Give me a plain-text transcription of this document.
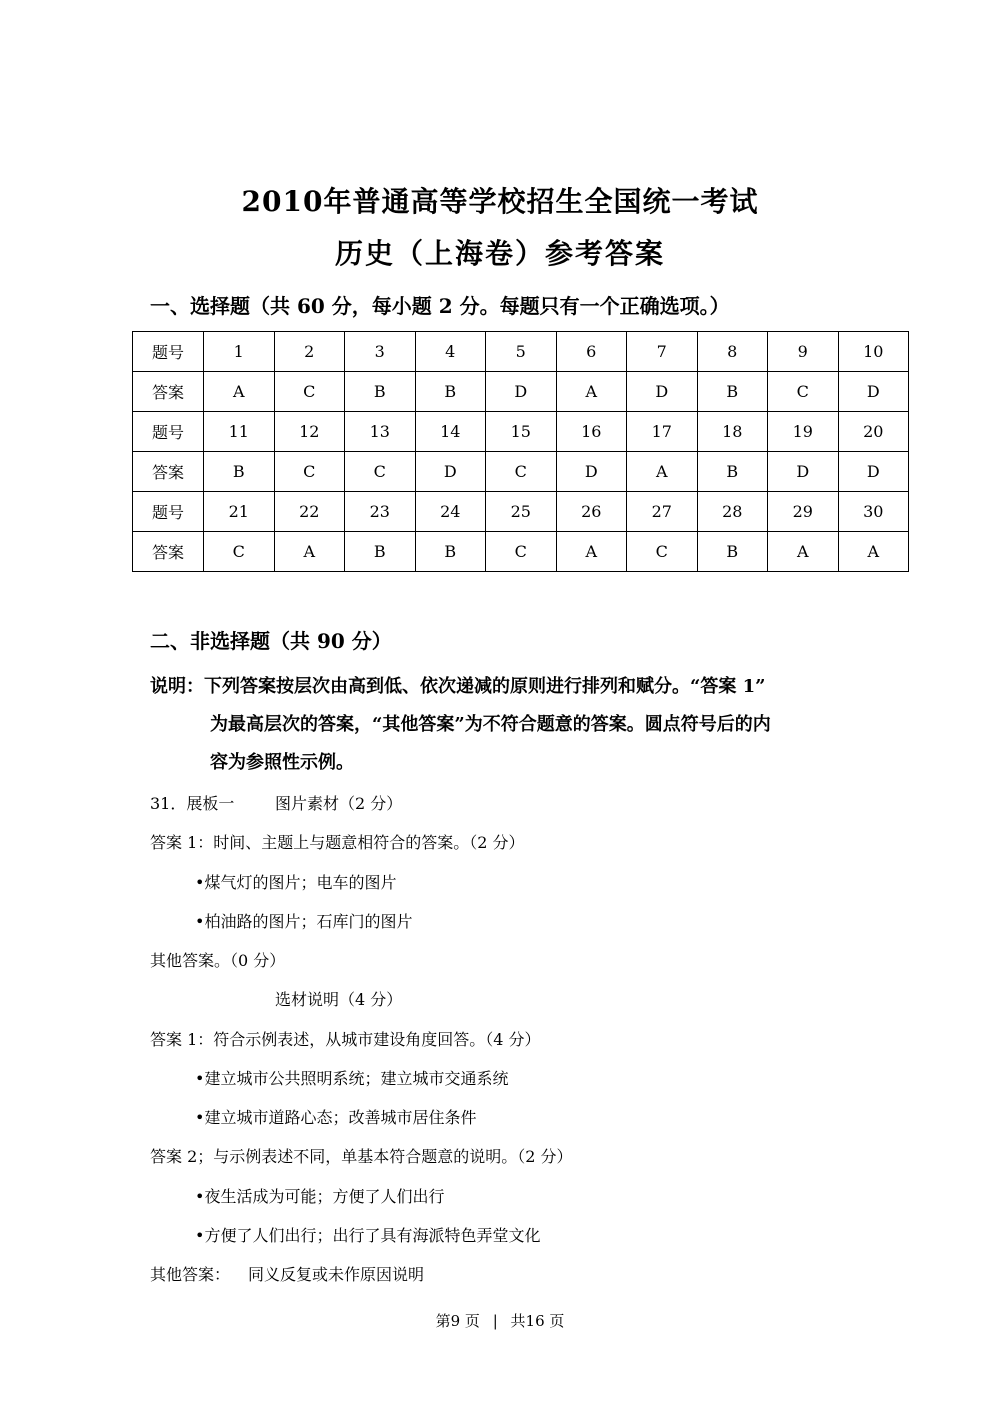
2010年普通高等学校招生全国统一考试
历史（上海卷）参考答案
一、选择题（共 60 分，每小题 2 分。每题只有一个正确选项。）
题号	1	2	3	4	5	6	7	8	9	10
答案	A	C	B	B	D	A	D	B	C	D
题号	11	12	13	14	15	16	17	18	19	20
答案	B	C	C	D	C	D	A	B	D	D
题号	21	22	23	24	25	26	27	28	29	30
答案	C	A	B	B	C	A	C	B	A	A
二、非选择题（共 90 分）
说明：下列答案按层次由高到低、依次递减的原则进行排列和赋分。“答案 1”
为最高层次的答案，“其他答案”为不符合题意的答案。圆点符号后的内
容为参照性示例。
31．展板一	图片素材（2 分）
答案 1：时间、主题上与题意相符合的答案。（2 分）
•煤气灯的图片；电车的图片
•柏油路的图片；石库门的图片
其他答案。（0 分）
选材说明（4 分）
答案 1：符合示例表述，从城市建设角度回答。（4 分）
•建立城市公共照明系统；建立城市交通系统
•建立城市道路心态；改善城市居住条件
答案 2；与示例表述不同，单基本符合题意的说明。（2 分）
•夜生活成为可能；方便了人们出行
•方便了人们出行；出行了具有海派特色弄堂文化
其他答案： 同义反复或未作原因说明
第9 页 | 共16 页
